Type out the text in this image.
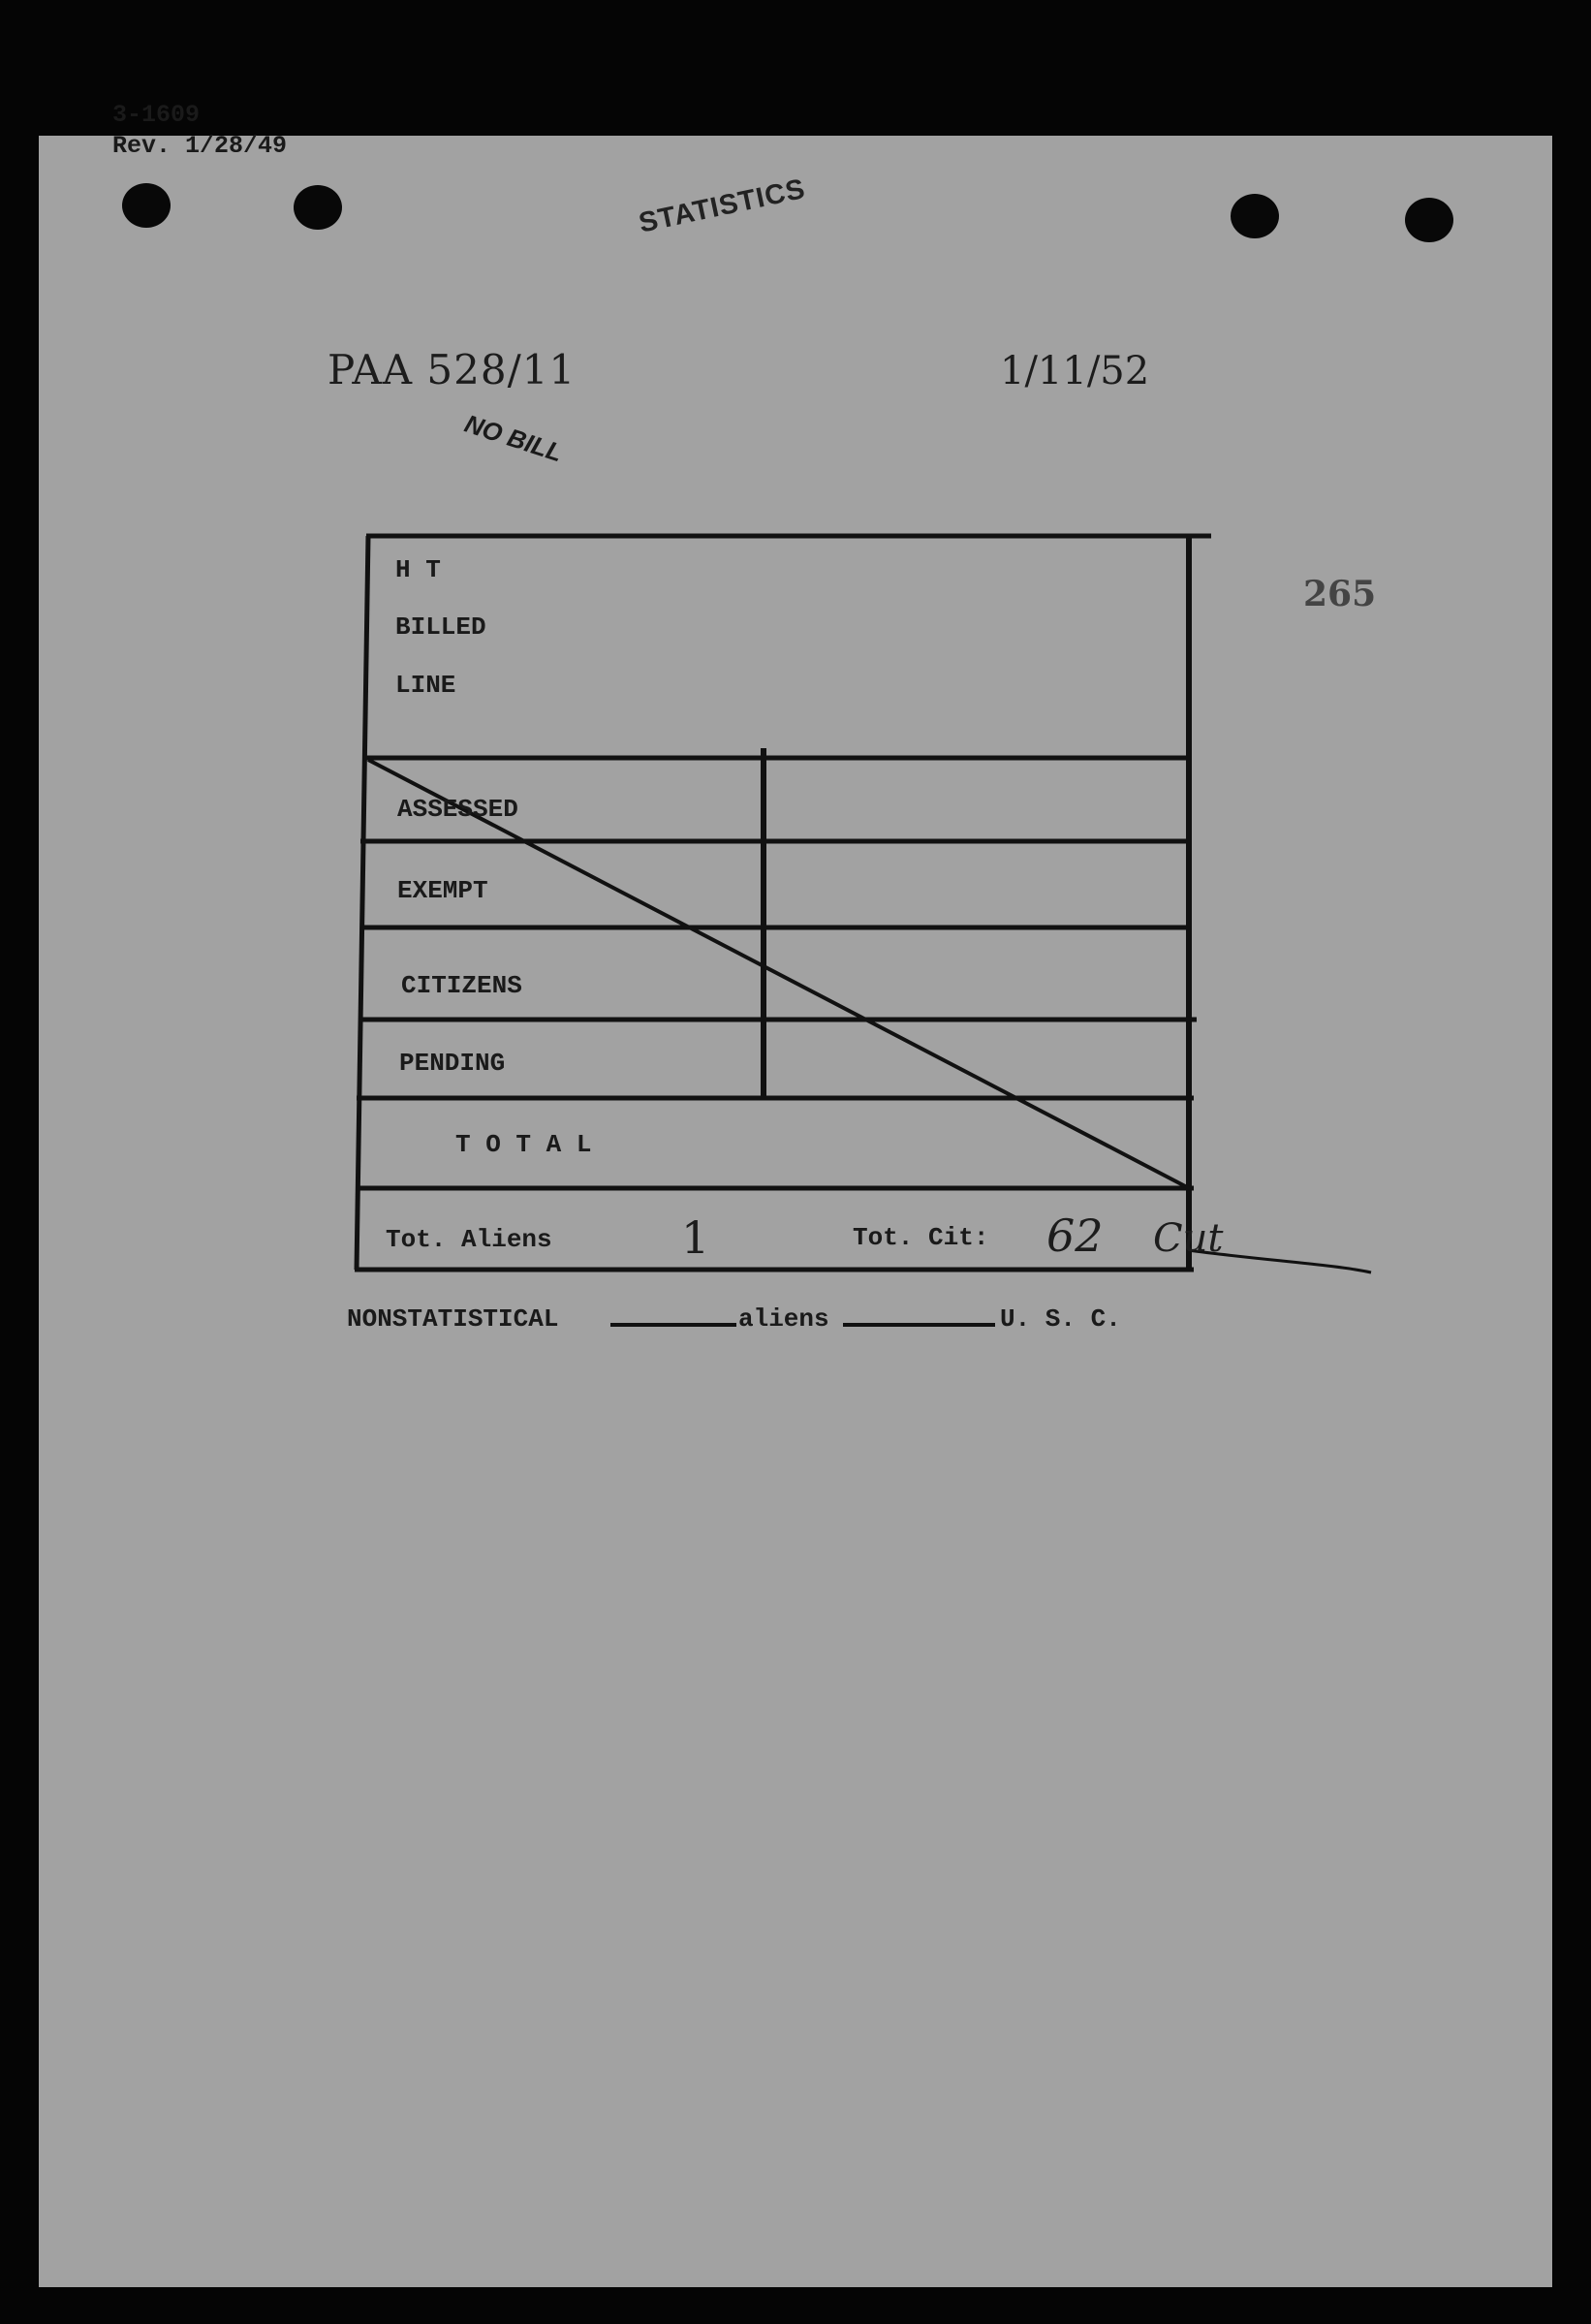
3-1609
Rev. 1/28/49
STATISTICS
PAA 528/11	1/11/52
265
H T
BILLED
LINE
NO BILL
ASSESSED
EXEMPT
CITIZENS
PENDING
T O T A L
Tot. Aliens	1	Tot. Cit: 62 Cut
NONSTATISTICAL	aliens	U. S. C.
